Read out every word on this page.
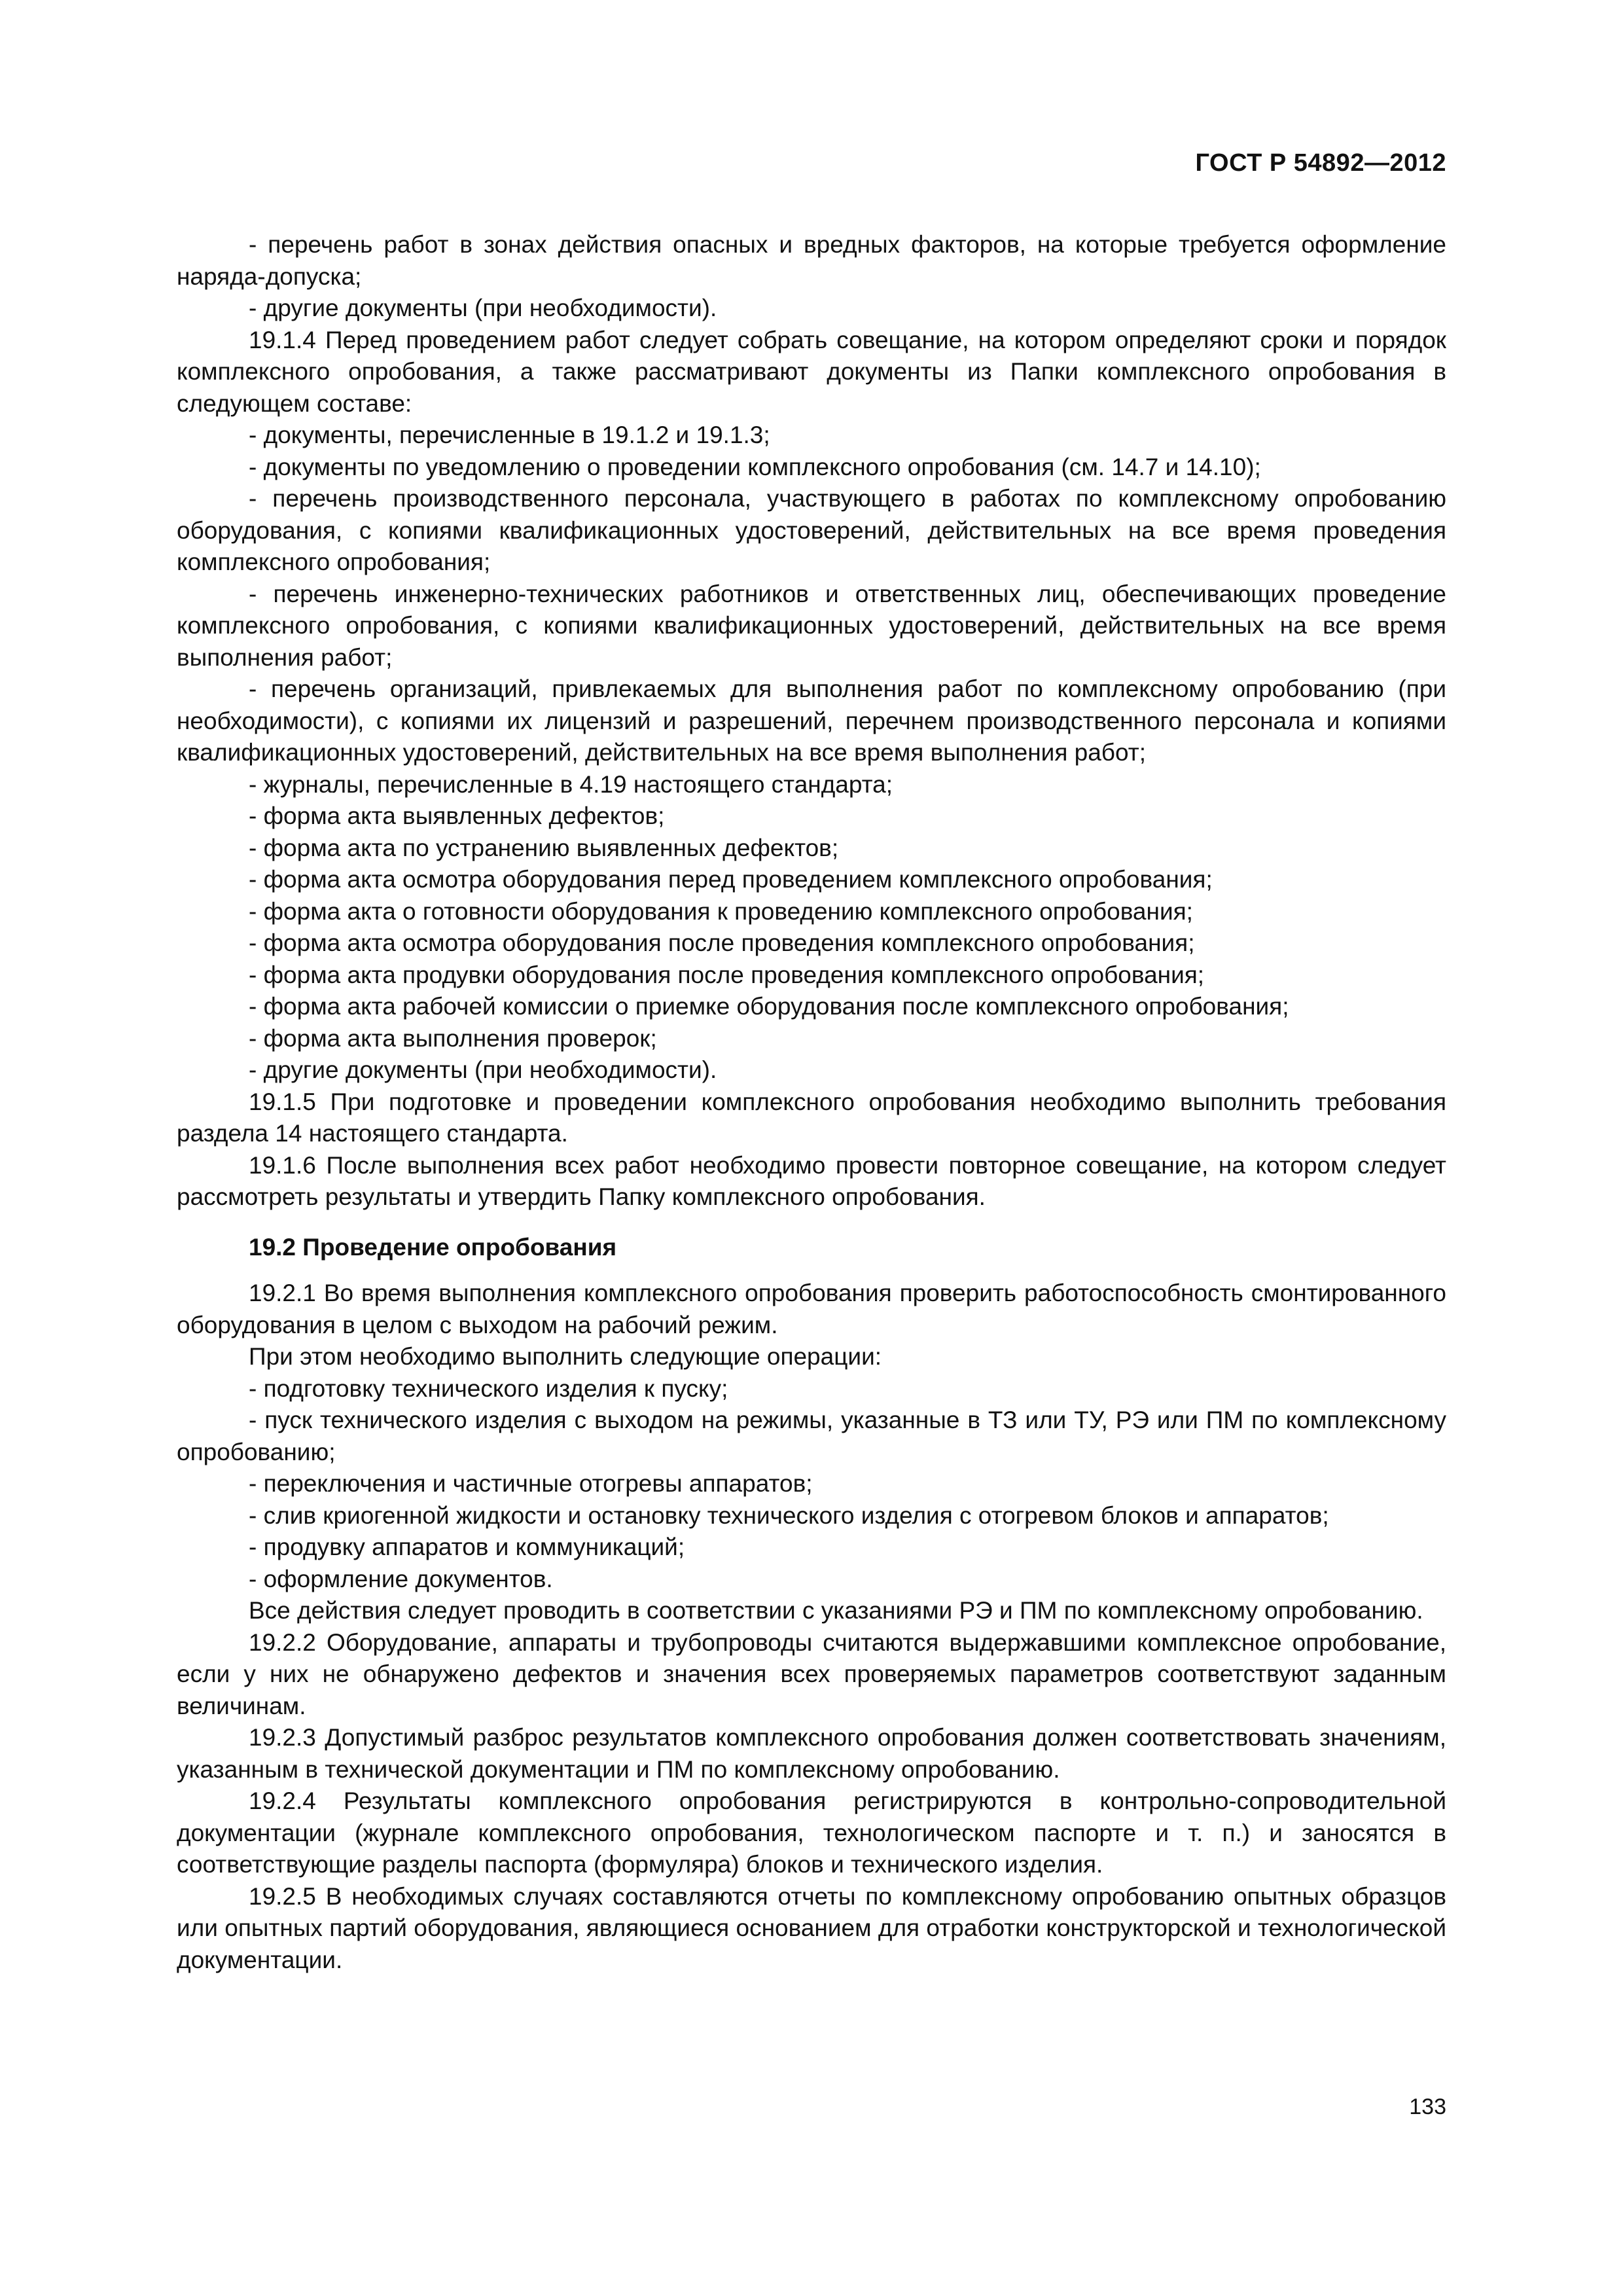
ГОСТ Р 54892—2012

- перечень работ в зонах действия опасных и вредных факторов, на которые требуется оформление наряда-допуска;

- другие документы (при необходимости).

19.1.4 Перед проведением работ следует собрать совещание, на котором определяют сроки и порядок комплексного опробования, а также рассматривают документы из Папки комплексного опробования в следующем составе:

- документы, перечисленные в 19.1.2 и 19.1.3;

- документы по уведомлению о проведении комплексного опробования (см. 14.7 и 14.10);

- перечень производственного персонала, участвующего в работах по комплексному опробованию оборудования, с копиями квалификационных удостоверений, действительных на все время проведения комплексного опробования;

- перечень инженерно-технических работников и ответственных лиц, обеспечивающих проведение комплексного опробования, с копиями квалификационных удостоверений, действительных на все время выполнения работ;

- перечень организаций, привлекаемых для выполнения работ по комплексному опробованию (при необходимости), с копиями их лицензий и разрешений, перечнем производственного персонала и копиями квалификационных удостоверений, действительных на все время выполнения работ;

- журналы, перечисленные в 4.19 настоящего стандарта;

- форма акта выявленных дефектов;

- форма акта по устранению выявленных дефектов;

- форма акта осмотра оборудования перед проведением комплексного опробования;

- форма акта о готовности оборудования к проведению комплексного опробования;

- форма акта осмотра оборудования после проведения комплексного опробования;

- форма акта продувки оборудования после проведения комплексного опробования;

- форма акта рабочей комиссии о приемке оборудования после комплексного опробования;

- форма акта выполнения проверок;

- другие документы (при необходимости).

19.1.5 При подготовке и проведении комплексного опробования необходимо выполнить требования раздела 14 настоящего стандарта.

19.1.6 После выполнения всех работ необходимо провести повторное совещание, на котором следует рассмотреть результаты и утвердить Папку комплексного опробования.

19.2 Проведение опробования

19.2.1 Во время выполнения комплексного опробования проверить работоспособность смонтированного оборудования в целом с выходом на рабочий режим.

При этом необходимо выполнить следующие операции:

- подготовку технического изделия к пуску;

- пуск технического изделия с выходом на режимы, указанные в ТЗ или ТУ, РЭ или ПМ по комплексному опробованию;

- переключения и частичные отогревы аппаратов;

- слив криогенной жидкости и остановку технического изделия с отогревом блоков и аппаратов;

- продувку аппаратов и коммуникаций;

- оформление документов.

Все действия следует проводить в соответствии с указаниями РЭ и ПМ по комплексному опробованию.

19.2.2 Оборудование, аппараты и трубопроводы считаются выдержавшими комплексное опробование, если у них не обнаружено дефектов и значения всех проверяемых параметров соответствуют заданным величинам.

19.2.3 Допустимый разброс результатов комплексного опробования должен соответствовать значениям, указанным в технической документации и ПМ по комплексному опробованию.

19.2.4 Результаты комплексного опробования регистрируются в контрольно-сопроводительной документации (журнале комплексного опробования, технологическом паспорте и т. п.) и заносятся в соответствующие разделы паспорта (формуляра) блоков и технического изделия.

19.2.5 В необходимых случаях составляются отчеты по комплексному опробованию опытных образцов или опытных партий оборудования, являющиеся основанием для отработки конструкторской и технологической документации.

133
